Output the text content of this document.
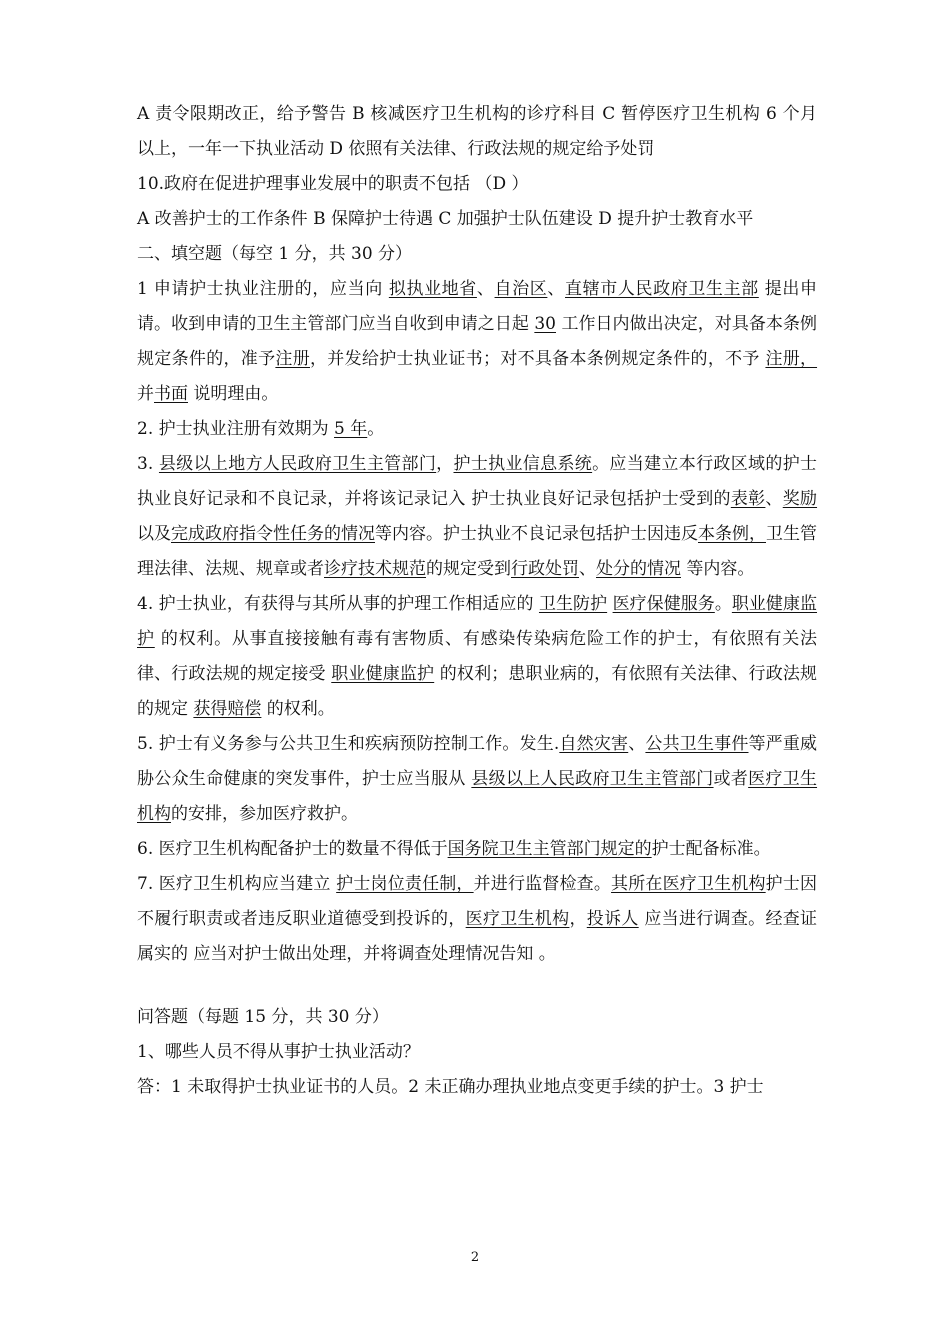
A 责令限期改正，给予警告 B 核减医疗卫生机构的诊疗科目 C 暂停医疗卫生机构 6 个月以上，一年一下执业活动 D 依照有关法律、行政法规的规定给予处罚

10.政府在促进护理事业发展中的职责不包括 （D ）

A 改善护士的工作条件 B 保障护士待遇 C 加强护士队伍建设 D 提升护士教育水平

二、填空题（每空 1 分，共 30 分）

1 申请护士执业注册的，应当向 拟执业地省、自治区、直辖市人民政府卫生主部 提出申请。收到申请的卫生主管部门应当自收到申请之日起 30 工作日内做出决定，对具备本条例规定条件的，准予注册，并发给护士执业证书；对不具备本条例规定条件的，不予 注册， 并书面 说明理由。

2. 护士执业注册有效期为 5 年。

3. 县级以上地方人民政府卫生主管部门，护士执业信息系统。应当建立本行政区域的护士执业良好记录和不良记录，并将该记录记入 护士执业良好记录包括护士受到的表彰、奖励 以及完成政府指令性任务的情况等内容。护士执业不良记录包括护士因违反本条例，卫生管理法律、法规、规章或者诊疗技术规范的规定受到行政处罚、处分的情况 等内容。

4. 护士执业，有获得与其所从事的护理工作相适应的 卫生防护 医疗保健服务。职业健康监护 的权利。从事直接接触有毒有害物质、有感染传染病危险工作的护士，有依照有关法律、行政法规的规定接受 职业健康监护 的权利；患职业病的，有依照有关法律、行政法规的规定 获得赔偿 的权利。

5. 护士有义务参与公共卫生和疾病预防控制工作。发生.自然灾害、公共卫生事件等严重威胁公众生命健康的突发事件，护士应当服从 县级以上人民政府卫生主管部门或者医疗卫生机构的安排，参加医疗救护。

6. 医疗卫生机构配备护士的数量不得低于国务院卫生主管部门规定的护士配备标准。

7. 医疗卫生机构应当建立 护士岗位责任制，并进行监督检查。其所在医疗卫生机构护士因不履行职责或者违反职业道德受到投诉的，医疗卫生机构，投诉人 应当进行调查。经查证属实的 应当对护士做出处理，并将调查处理情况告知 。

问答题（每题 15 分，共 30 分）

1、哪些人员不得从事护士执业活动？

答：1 未取得护士执业证书的人员。2 未正确办理执业地点变更手续的护士。3 护士

2
